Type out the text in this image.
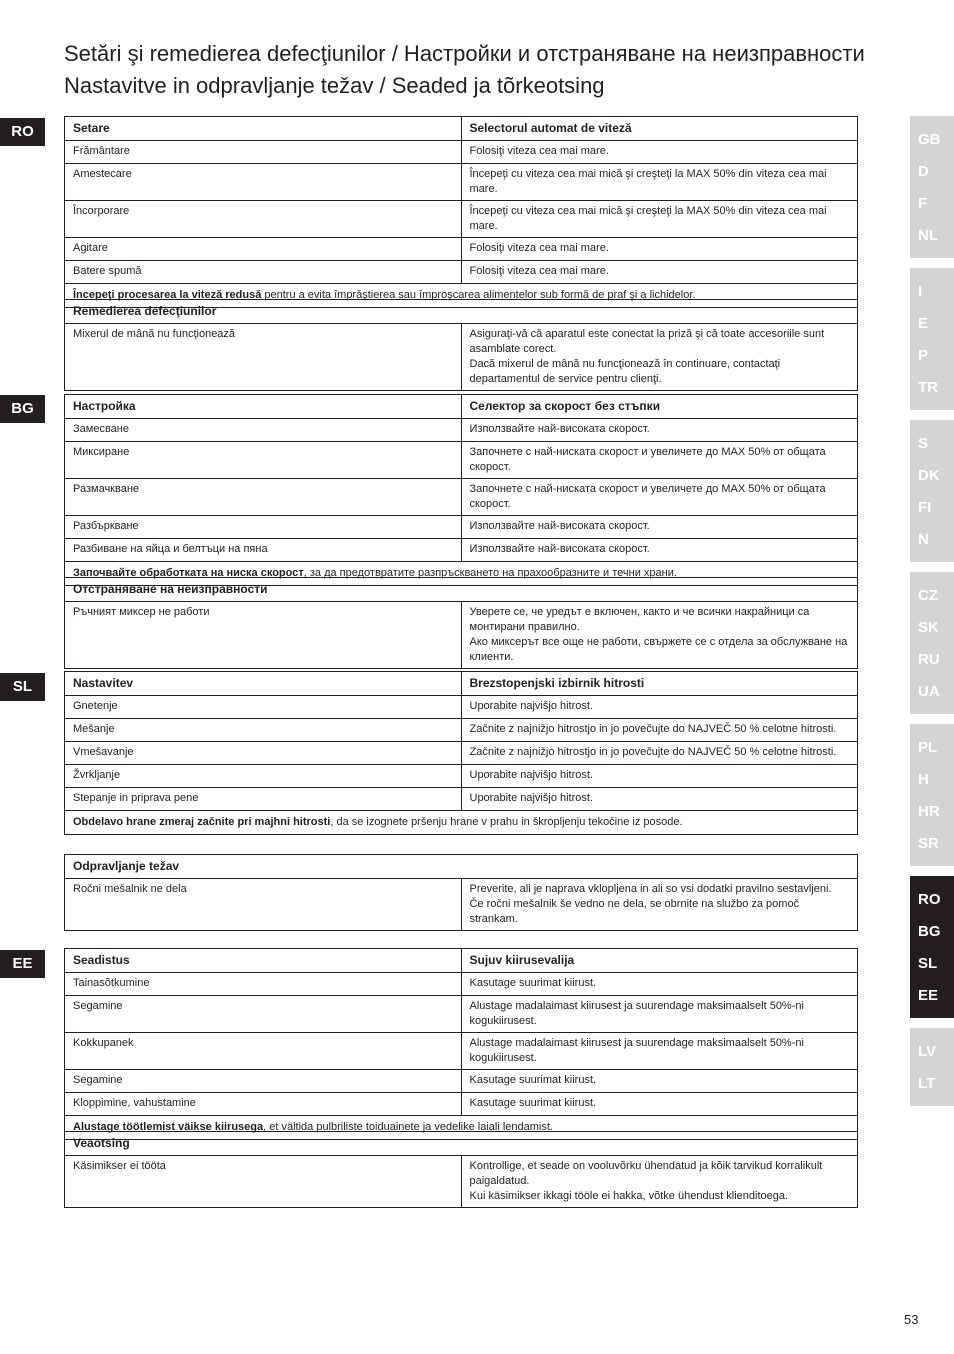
Setări şi remedierea defecţiunilor / Настройки и отстраняване на неизправности
Nastavitve in odpravljanje težav / Seaded ja tõrkeotsing
RO
BG
SL
EE
GB
D
F
NL
I
E
P
TR
S
DK
FI
N
CZ
SK
RU
UA
PL
H
HR
SR
RO
BG
SL
EE
LV
LT
Setare	Selectorul automat de viteză
Frământare	Folosiţi viteza cea mai mare.
Amestecare	Începeţi cu viteza cea mai mică şi creşteţi la MAX 50% din viteza cea mai mare.
Încorporare	Începeţi cu viteza cea mai mică şi creşteţi la MAX 50% din viteza cea mai mare.
Agitare	Folosiţi viteza cea mai mare.
Batere spumă	Folosiţi viteza cea mai mare.
Începeţi procesarea la viteză redusă pentru a evita împrăştierea sau împroşcarea alimentelor sub formă de praf şi a lichidelor.	
Remedierea defecţiunilor
Mixerul de mână nu funcţionează	Asiguraţi-vă că aparatul este conectat la priză şi că toate accesoriile sunt asamblate corect.
Dacă mixerul de mână nu funcţionează în continuare, contactaţi departamentul de service pentru clienţi.
Настройка	Селектор за скорост без стъпки
Замесване	Използвайте най-високата скорост.
Миксиране	Започнете с най-ниската скорост и увеличете до MAX 50% от общата скорост.
Размачкване	Започнете с най-ниската скорост и увеличете до MAX 50% от общата скорост.
Разбъркване	Използвайте най-високата скорост.
Разбиване на яйца и белтъци на пяна	Използвайте най-високата скорост.
Започвайте обработката на ниска скорост, за да предотвратите разпръскването на прахообразните и течни храни.	
Отстраняване на неизправности
Ръчният миксер не работи	Уверете се, че уредът е включен, както и че всички накрайници са монтирани правилно.
Ако миксерът все още не работи, свържете се с отдела за обслужване на клиенти.
Nastavitev	Brezstopenjski izbirnik hitrosti
Gnetenje	Uporabite najvišjo hitrost.
Mešanje	Začnite z najnižjo hitrostjo in jo povečujte do NAJVEČ 50 % celotne hitrosti.
Vmešavanje	Začnite z najnižjo hitrostjo in jo povečujte do NAJVEČ 50 % celotne hitrosti.
Žvrkljanje	Uporabite najvišjo hitrost.
Stepanje in priprava pene	Uporabite najvišjo hitrost.
Obdelavo hrane zmeraj začnite pri majhni hitrosti, da se izognete pršenju hrane v prahu in škropljenju tekočine iz posode.	
Odpravljanje težav
Ročni mešalnik ne dela	Preverite, ali je naprava vklopljena in ali so vsi dodatki pravilno sestavljeni.
Če ročni mešalnik še vedno ne dela, se obrnite na službo za pomoč strankam.
Seadistus	Sujuv kiirusevalija
Tainasõtkumine	Kasutage suurimat kiirust.
Segamine	Alustage madalaimast kiirusest ja suurendage maksimaalselt 50%-ni kogukiirusest.
Kokkupanek	Alustage madalaimast kiirusest ja suurendage maksimaalselt 50%-ni kogukiirusest.
Segamine	Kasutage suurimat kiirust.
Kloppimine, vahustamine	Kasutage suurimat kiirust.
Alustage töötlemist väikse kiirusega, et vältida pulbriliste toiduainete ja vedelike laiali lendamist.	
Veaotsing
Käsimikser ei tööta	Kontrollige, et seade on vooluvõrku ühendatud ja kõik tarvikud korralikult paigaldatud.
Kui käsimikser ikkagi tööle ei hakka, võtke ühendust klienditoega.
53
